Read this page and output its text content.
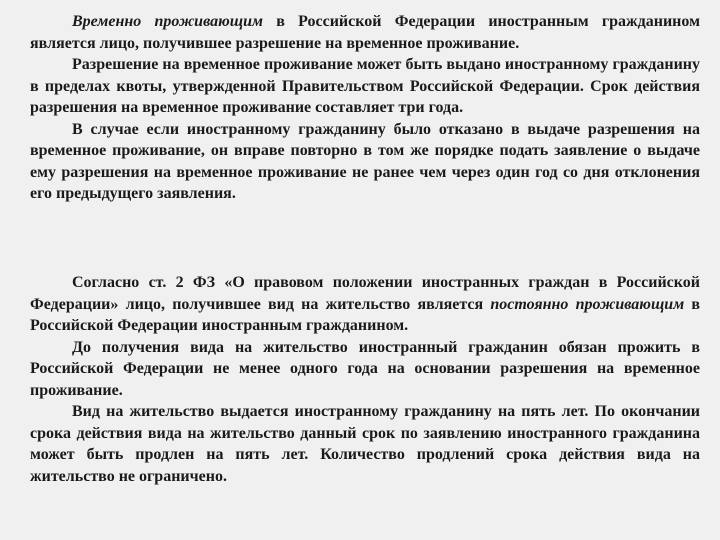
Временно проживающим в Российской Федерации иностранным гражданином является лицо, получившее разрешение на временное проживание.

Разрешение на временное проживание может быть выдано иностранному гражданину в пределах квоты, утвержденной Правительством Российской Федерации. Срок действия разрешения на временное проживание составляет три года.

В случае если иностранному гражданину было отказано в выдаче разрешения на временное проживание, он вправе повторно в том же порядке подать заявление о выдаче ему разрешения на временное проживание не ранее чем через один год со дня отклонения его предыдущего заявления.

Согласно ст. 2 ФЗ «О правовом положении иностранных граждан в Российской Федерации» лицо, получившее вид на жительство является постоянно проживающим в Российской Федерации иностранным гражданином.

До получения вида на жительство иностранный гражданин обязан прожить в Российской Федерации не менее одного года на основании разрешения на временное проживание.

Вид на жительство выдается иностранному гражданину на пять лет. По окончании срока действия вида на жительство данный срок по заявлению иностранного гражданина может быть продлен на пять лет. Количество продлений срока действия вида на жительство не ограничено.
